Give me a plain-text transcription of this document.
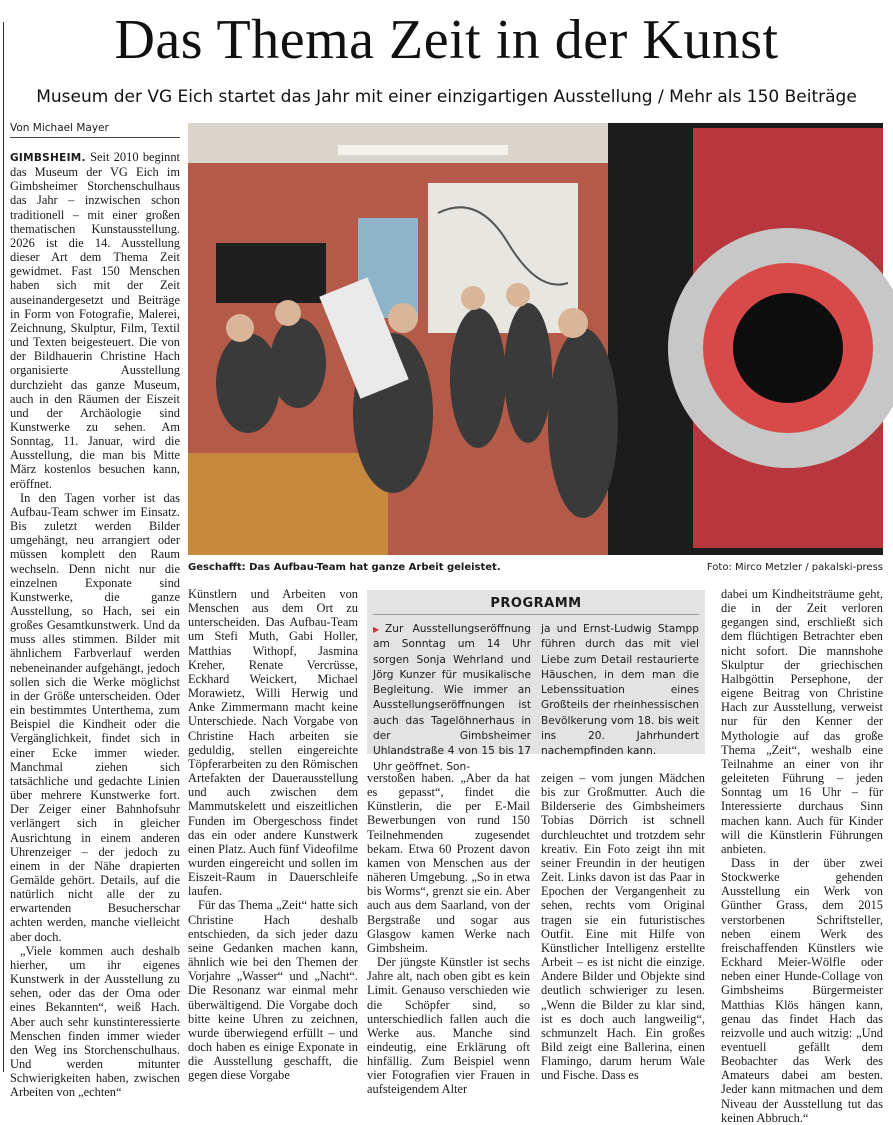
Das Thema Zeit in der Kunst
Museum der VG Eich startet das Jahr mit einer einzigartigen Ausstellung / Mehr als 150 Beiträge
Von Michael Mayer

GIMBSHEIM. Seit 2010 beginnt das Museum der VG Eich im Gimbsheimer Storchenschulhaus das Jahr – inzwischen schon traditionell – mit einer großen thematischen Kunstausstellung. 2026 ist die 14. Ausstellung dieser Art dem Thema Zeit gewidmet. Fast 150 Menschen haben sich mit der Zeit auseinandergesetzt und Beiträge in Form von Fotografie, Malerei, Zeichnung, Skulptur, Film, Textil und Texten beigesteuert. Die von der Bildhauerin Christine Hach organisierte Ausstellung durchzieht das ganze Museum, auch in den Räumen der Eiszeit und der Archäologie sind Kunstwerke zu sehen. Am Sonntag, 11. Januar, wird die Ausstellung, die man bis Mitte März kostenlos besuchen kann, eröffnet.

In den Tagen vorher ist das Aufbau-Team schwer im Einsatz. Bis zuletzt werden Bilder umgehängt, neu arrangiert oder müssen komplett den Raum wechseln. Denn nicht nur die einzelnen Exponate sind Kunstwerke, die ganze Ausstellung, so Hach, sei ein großes Gesamtkunstwerk. Und da muss alles stimmen. Bilder mit ähnlichem Farbverlauf werden nebeneinander aufgehängt, jedoch sollen sich die Werke möglichst in der Größe unterscheiden. Oder ein bestimmtes Unterthema, zum Beispiel die Kindheit oder die Vergänglichkeit, findet sich in einer Ecke immer wieder. Manchmal ziehen sich tatsächliche und gedachte Linien über mehrere Kunstwerke fort. Der Zeiger einer Bahnhofsuhr verlängert sich in gleicher Ausrichtung in einem anderen Uhrenzeiger – der jedoch zu einem in der Nähe drapierten Gemälde gehört. Details, auf die natürlich nicht alle der zu erwartenden Besucherschar achten werden, manche vielleicht aber doch.

„Viele kommen auch deshalb hierher, um ihr eigenes Kunstwerk in der Ausstellung zu sehen, oder das der Oma oder eines Bekannten“, weiß Hach. Aber auch sehr kunstinteressierte Menschen finden immer wieder den Weg ins Storchenschulhaus. Und werden mitunter Schwierigkeiten haben, zwischen Arbeiten von „echten“

Geschafft: Das Aufbau-Team hat ganze Arbeit geleistet.	Foto: Mirco Metzler / pakalski-press

Künstlern und Arbeiten von Menschen aus dem Ort zu unterscheiden. Das Aufbau-Team um Stefi Muth, Gabi Holler, Matthias Withopf, Jasmina Kreher, Renate Vercrüsse, Eckhard Weickert, Michael Morawietz, Willi Herwig und Anke Zimmermann macht keine Unterschiede. Nach Vorgabe von Christine Hach arbeiten sie geduldig, stellen eingereichte Töpferarbeiten zu den Römischen Artefakten der Dauerausstellung und auch zwischen dem Mammutskelett und eiszeitlichen Funden im Obergeschoss findet das ein oder andere Kunstwerk einen Platz. Auch fünf Videofilme wurden eingereicht und sollen im Eiszeit-Raum in Dauerschleife laufen.

Für das Thema „Zeit“ hatte sich Christine Hach deshalb entschieden, da sich jeder dazu seine Gedanken machen kann, ähnlich wie bei den Themen der Vorjahre „Wasser“ und „Nacht“. Die Resonanz war einmal mehr überwältigend. Die Vorgabe doch bitte keine Uhren zu zeichnen, wurde überwiegend erfüllt – und doch haben es einige Exponate in die Ausstellung geschafft, die gegen diese Vorgabe

PROGRAMM
▶Zur Ausstellungseröffnung am Sonntag um 14 Uhr sorgen Sonja Wehrland und Jörg Kunzer für musikalische Begleitung. Wie immer an Ausstellungseröffnungen ist auch das Tagelöhnerhaus in der Gimbsheimer Uhlandstraße 4 von 15 bis 17 Uhr geöffnet. Son-
ja und Ernst-Ludwig Stampp führen durch das mit viel Liebe zum Detail restaurierte Häuschen, in dem man die Lebenssituation eines Großteils der rheinhessischen Bevölkerung vom 18. bis weit ins 20. Jahrhundert nachempfinden kann.

verstoßen haben. „Aber da hat es gepasst“, findet die Künstlerin, die per E-Mail Bewerbungen von rund 150 Teilnehmenden zugesendet bekam. Etwa 60 Prozent davon kamen von Menschen aus der näheren Umgebung. „So in etwa bis Worms“, grenzt sie ein. Aber auch aus dem Saarland, von der Bergstraße und sogar aus Glasgow kamen Werke nach Gimbsheim.

Der jüngste Künstler ist sechs Jahre alt, nach oben gibt es kein Limit. Genauso verschieden wie die Schöpfer sind, so unterschiedlich fallen auch die Werke aus. Manche sind eindeutig, eine Erklärung oft hinfällig. Zum Beispiel wenn vier Fotografien vier Frauen in aufsteigendem Alter

zeigen – vom jungen Mädchen bis zur Großmutter. Auch die Bilderserie des Gimbsheimers Tobias Dörrich ist schnell durchleuchtet und trotzdem sehr kreativ. Ein Foto zeigt ihn mit seiner Freundin in der heutigen Zeit. Links davon ist das Paar in Epochen der Vergangenheit zu sehen, rechts vom Original tragen sie ein futuristisches Outfit. Eine mit Hilfe von Künstlicher Intelligenz erstellte Arbeit – es ist nicht die einzige. Andere Bilder und Objekte sind deutlich schwieriger zu lesen. „Wenn die Bilder zu klar sind, ist es doch auch langweilig“, schmunzelt Hach. Ein großes Bild zeigt eine Ballerina, einen Flamingo, darum herum Wale und Fische. Dass es

dabei um Kindheitsträume geht, die in der Zeit verloren gegangen sind, erschließt sich dem flüchtigen Betrachter eben nicht sofort. Die mannshohe Skulptur der griechischen Halbgöttin Persephone, der eigene Beitrag von Christine Hach zur Ausstellung, verweist nur für den Kenner der Mythologie auf das große Thema „Zeit“, weshalb eine Teilnahme an einer von ihr geleiteten Führung – jeden Sonntag um 16 Uhr – für Interessierte durchaus Sinn machen kann. Auch für Kinder will die Künstlerin Führungen anbieten.

Dass in der über zwei Stockwerke gehenden Ausstellung ein Werk von Günther Grass, dem 2015 verstorbenen Schriftsteller, neben einem Werk des freischaffenden Künstlers wie Eckhard Meier-Wölfle oder neben einer Hunde-Collage von Gimbsheims Bürgermeister Matthias Klös hängen kann, genau das findet Hach das reizvolle und auch witzig: „Und eventuell gefällt dem Beobachter das Werk des Amateurs dabei am besten. Jeder kann mitmachen und dem Niveau der Ausstellung tut das keinen Abbruch.“
